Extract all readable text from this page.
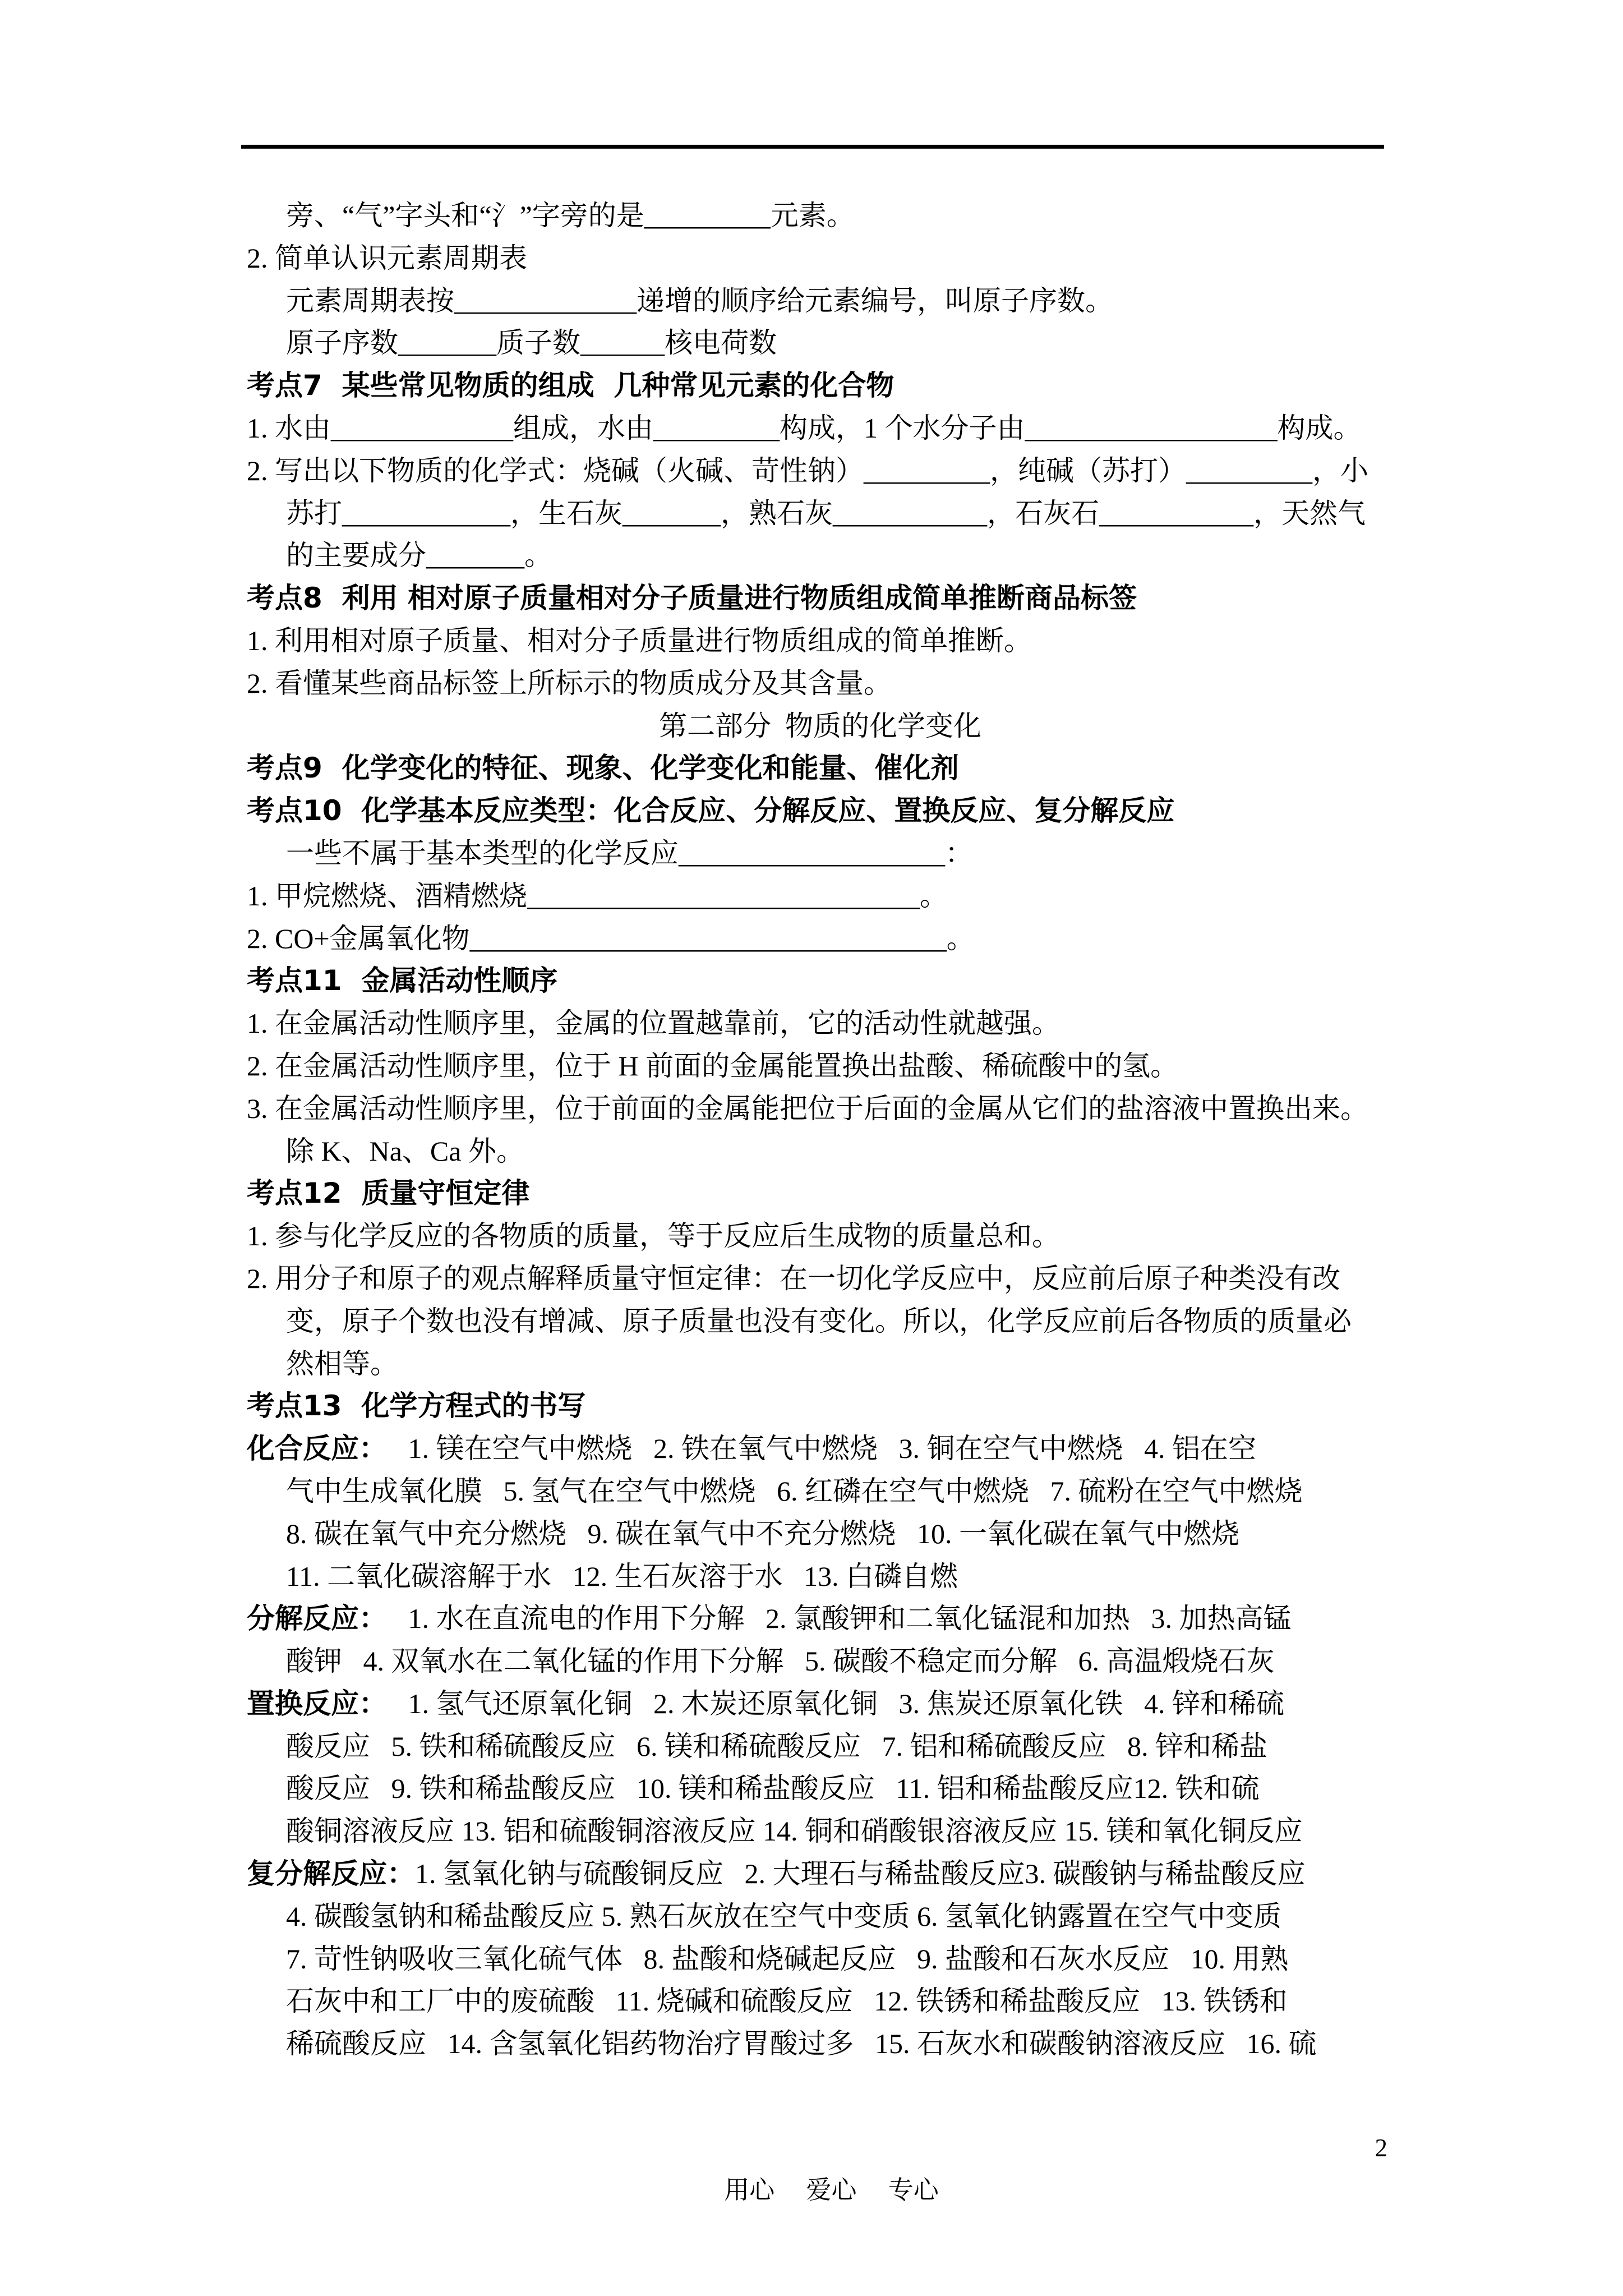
旁、“气”字头和“氵”字旁的是_________元素。
2. 简单认识元素周期表
元素周期表按_____________递增的顺序给元素编号，叫原子序数。
原子序数_______质子数______核电荷数
考点7  某些常见物质的组成  几种常见元素的化合物
1. 水由_____________组成，水由_________构成，1 个水分子由__________________构成。
2. 写出以下物质的化学式：烧碱（火碱、苛性钠）_________，纯碱（苏打）_________，小
苏打____________，生石灰_______，熟石灰___________，石灰石___________，天然气
的主要成分_______。
考点8  利用 相对原子质量相对分子质量进行物质组成简单推断商品标签
1. 利用相对原子质量、相对分子质量进行物质组成的简单推断。
2. 看懂某些商品标签上所标示的物质成分及其含量。
第二部分  物质的化学变化
考点9  化学变化的特征、现象、化学变化和能量、催化剂
考点10  化学基本反应类型：化合反应、分解反应、置换反应、复分解反应
一些不属于基本类型的化学反应___________________：
1. 甲烷燃烧、酒精燃烧____________________________。
2. CO+金属氧化物__________________________________。
考点11  金属活动性顺序
1. 在金属活动性顺序里，金属的位置越靠前，它的活动性就越强。
2. 在金属活动性顺序里，位于 H 前面的金属能置换出盐酸、稀硫酸中的氢。
3. 在金属活动性顺序里，位于前面的金属能把位于后面的金属从它们的盐溶液中置换出来。
除 K、Na、Ca 外。
考点12  质量守恒定律
1. 参与化学反应的各物质的质量，等于反应后生成物的质量总和。
2. 用分子和原子的观点解释质量守恒定律：在一切化学反应中，反应前后原子种类没有改
变，原子个数也没有增减、原子质量也没有变化。所以，化学反应前后各物质的质量必
然相等。
考点13  化学方程式的书写
化合反应：   1. 镁在空气中燃烧   2. 铁在氧气中燃烧   3. 铜在空气中燃烧   4. 铝在空
气中生成氧化膜   5. 氢气在空气中燃烧   6. 红磷在空气中燃烧   7. 硫粉在空气中燃烧
8. 碳在氧气中充分燃烧   9. 碳在氧气中不充分燃烧   10. 一氧化碳在氧气中燃烧
11. 二氧化碳溶解于水   12. 生石灰溶于水   13. 白磷自燃
分解反应：   1. 水在直流电的作用下分解   2. 氯酸钾和二氧化锰混和加热   3. 加热高锰
酸钾   4. 双氧水在二氧化锰的作用下分解   5. 碳酸不稳定而分解   6. 高温煅烧石灰
置换反应：   1. 氢气还原氧化铜   2. 木炭还原氧化铜   3. 焦炭还原氧化铁   4. 锌和稀硫
酸反应   5. 铁和稀硫酸反应   6. 镁和稀硫酸反应   7. 铝和稀硫酸反应   8. 锌和稀盐
酸反应   9. 铁和稀盐酸反应   10. 镁和稀盐酸反应   11. 铝和稀盐酸反应12. 铁和硫
酸铜溶液反应 13. 铝和硫酸铜溶液反应 14. 铜和硝酸银溶液反应 15. 镁和氧化铜反应
复分解反应：1. 氢氧化钠与硫酸铜反应   2. 大理石与稀盐酸反应3. 碳酸钠与稀盐酸反应
4. 碳酸氢钠和稀盐酸反应 5. 熟石灰放在空气中变质 6. 氢氧化钠露置在空气中变质
7. 苛性钠吸收三氧化硫气体   8. 盐酸和烧碱起反应   9. 盐酸和石灰水反应   10. 用熟
石灰中和工厂中的废硫酸   11. 烧碱和硫酸反应   12. 铁锈和稀盐酸反应   13. 铁锈和
稀硫酸反应   14. 含氢氧化铝药物治疗胃酸过多   15. 石灰水和碳酸钠溶液反应   16. 硫

用心     爱心     专心

2
